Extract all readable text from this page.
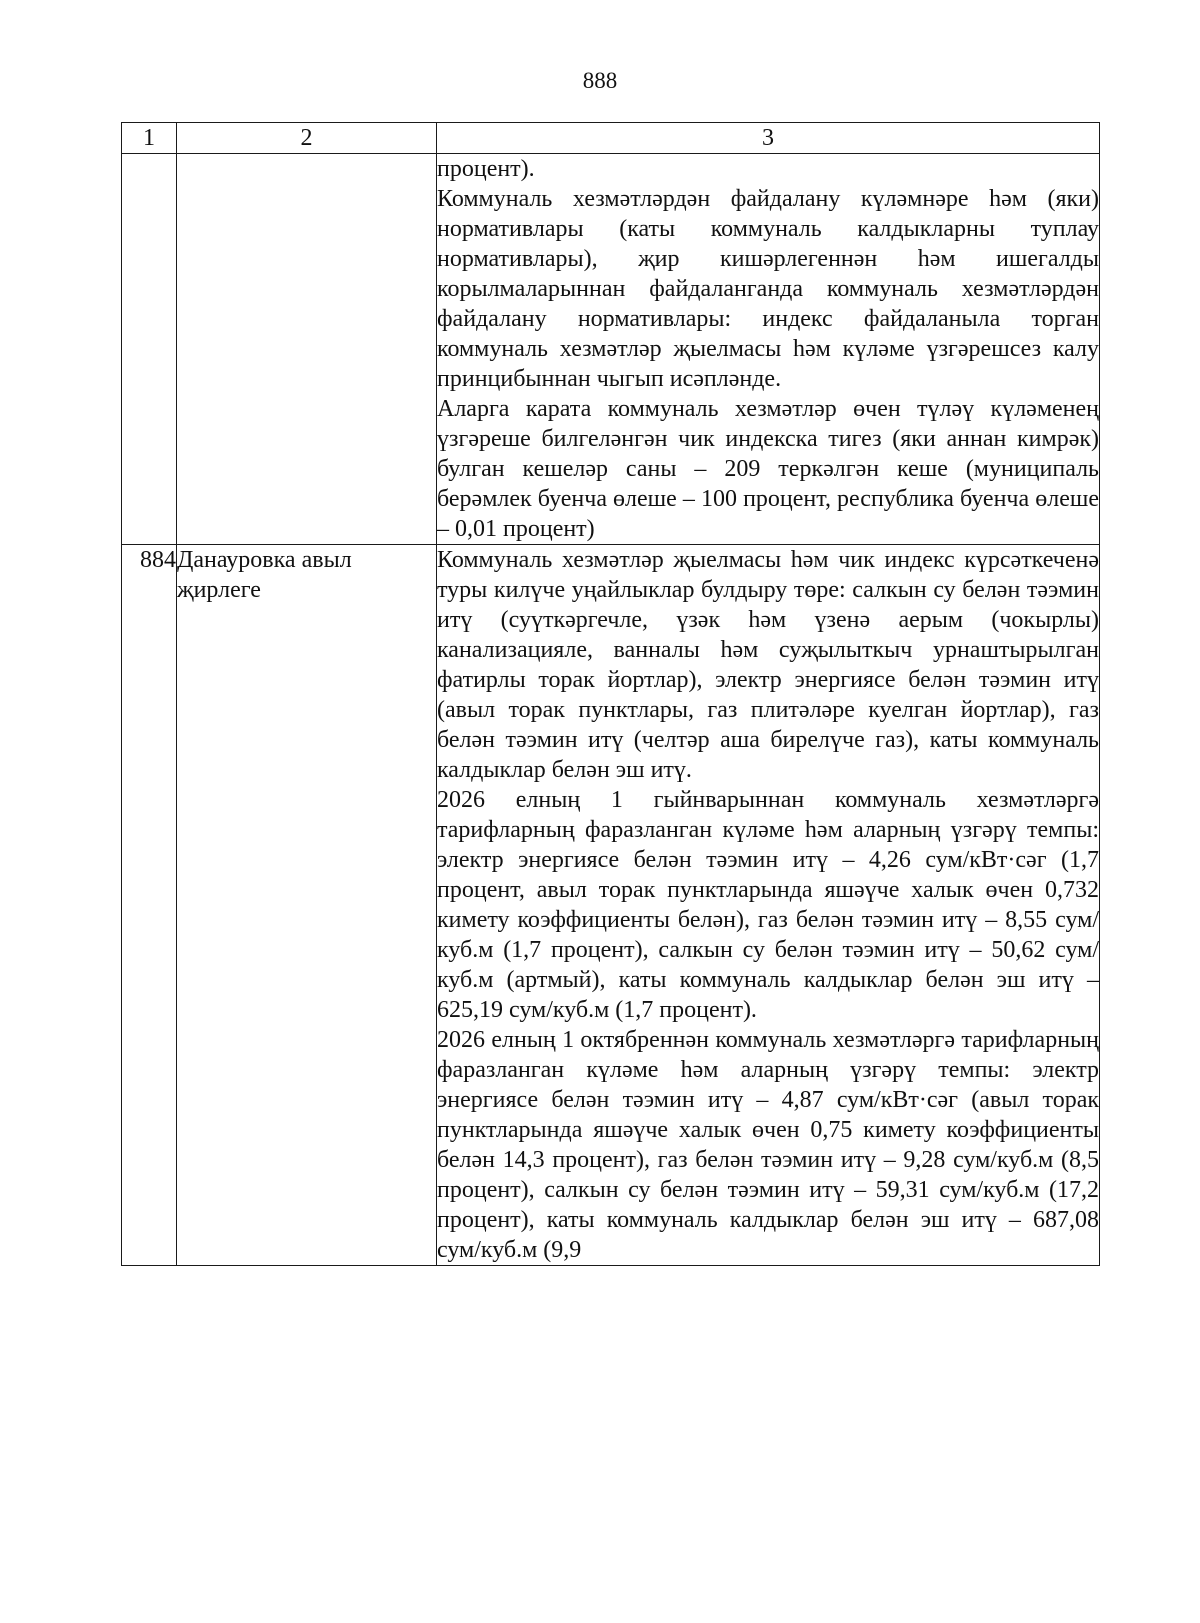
888
1	2	3

		процент).
Коммуналь хезмәтләрдән файдалану күләмнәре һәм (яки) нормативлары (каты коммуналь калдыкларны туплау нормативлары), җир кишәрлегеннән һәм ишегалды корылмаларыннан файдаланганда коммуналь хезмәтләрдән файдалану нормативлары: индекс файдаланыла торган коммуналь хезмәтләр җыелмасы һәм күләме үзгәрешсез калу принцибыннан чыгып исәпләнде.
Аларга карата коммуналь хезмәтләр өчен түләү күләменең үзгәреше билгеләнгән чик индекска тигез (яки аннан кимрәк) булган кешеләр саны – 209 теркәлгән кеше (муниципаль берәмлек буенча өлеше – 100 процент, республика буенча өлеше – 0,01 процент)

884	Данауровка авыл җирлеге	Коммуналь хезмәтләр җыелмасы һәм чик индекс күрсәткеченә туры килүче уңайлыклар булдыру төре: салкын су белән тәэмин итү (суүткәргечле, үзәк һәм үзенә аерым (чокырлы) канализацияле, ванналы һәм суҗылыткыч урнаштырылган фатирлы торак йортлар), электр энергиясе белән тәэмин итү (авыл торак пунктлары, газ плитәләре куелган йортлар), газ белән тәэмин итү (челтәр аша бирелүче газ), каты коммуналь калдыклар белән эш итү.
2026 елның 1 гыйнварыннан коммуналь хезмәтләргә тарифларның фаразланган күләме һәм аларның үзгәрү темпы: электр энергиясе белән тәэмин итү – 4,26 сум/кВт·сәг (1,7 процент, авыл торак пунктларында яшәүче халык өчен 0,732 кимету коэффициенты белән), газ белән тәэмин итү – 8,55 сум/куб.м (1,7 процент), салкын су белән тәэмин итү – 50,62 сум/куб.м (артмый), каты коммуналь калдыклар белән эш итү – 625,19 сум/куб.м (1,7 процент).
2026 елның 1 октябреннән коммуналь хезмәтләргә тарифларның фаразланган күләме һәм аларның үзгәрү темпы: электр энергиясе белән тәэмин итү – 4,87 сум/кВт·сәг (авыл торак пунктларында яшәүче халык өчен 0,75 кимету коэффициенты белән 14,3 процент), газ белән тәэмин итү – 9,28 сум/куб.м (8,5 процент), салкын су белән тәэмин итү – 59,31 сум/куб.м (17,2 процент), каты коммуналь калдыклар белән эш итү – 687,08 сум/куб.м (9,9
